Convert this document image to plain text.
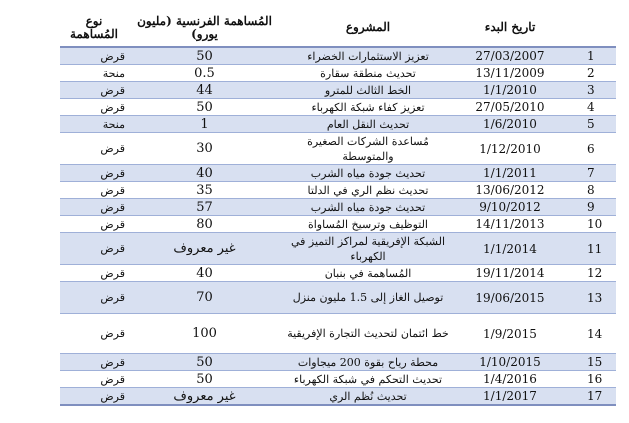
	تاريخ البدء	المشروع	المُساهمة الفرنسية (مليون يورو)	نوع المُساهمة
1	27/03/2007	تعزيز الاستثمارات الخضراء	50	قرض
2	13/11/2009	تحديث منطقة سقارة	0.5	منحة
3	1/1/2010	الخط الثالث للمترو	44	قرض
4	27/05/2010	تعزيز كفاء شبكة الكهرباء	50	قرض
5	1/6/2010	تحديث النقل العام	1	منحة
6	1/12/2010	مُساعدة الشركات الصغيرة والمتوسطة	30	قرض
7	1/1/2011	تحديث جودة مياه الشرب	40	قرض
8	13/06/2012	تحديث نظم الري في الدلتا	35	قرض
9	9/10/2012	تحديث جودة مياه الشرب	57	قرض
10	14/11/2013	التوظيف وترسيخ المُساواة	80	قرض
11	1/1/2014	الشبكة الإفريقية لمراكز التميز في الكهرباء	غير معروف	قرض
12	19/11/2014	المُساهمة في بنبان	40	قرض
13	19/06/2015	توصيل الغاز إلى 1.5 مليون منزل	70	قرض
14	1/9/2015	خط ائتمان لتحديث التجارة الإفريقية	100	قرض
15	1/10/2015	محطة رياح بقوة 200 ميجاوات	50	قرض
16	1/4/2016	تحديث التحكم في شبكة الكهرباء	50	قرض
17	1/1/2017	تحديث نُظم الري	غير معروف	قرض
